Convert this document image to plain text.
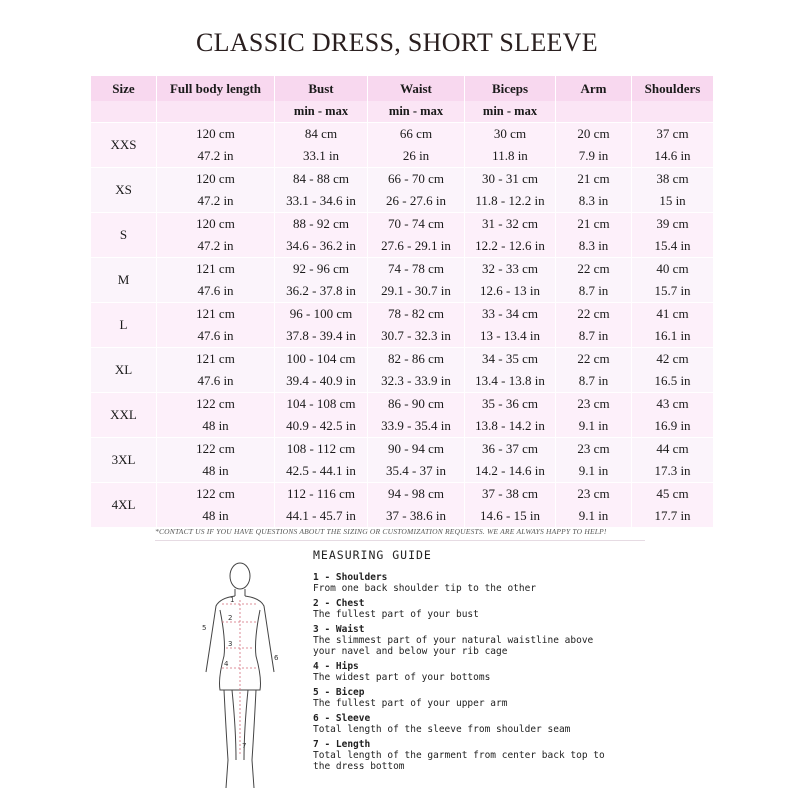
CLASSIC DRESS, SHORT SLEEVE
Size	Full body length	Bust	Waist	Biceps	Arm	Shoulders
		min - max	min - max	min - max		
XXS	120 cm	84 cm	66 cm	30 cm	20 cm	37 cm
	47.2 in	33.1 in	26 in	11.8 in	7.9 in	14.6 in
XS	120 cm	84 - 88 cm	66 - 70 cm	30 - 31 cm	21 cm	38 cm
	47.2 in	33.1 - 34.6 in	26 - 27.6 in	11.8 - 12.2 in	8.3 in	15 in
S	120 cm	88 - 92 cm	70 - 74 cm	31 - 32 cm	21 cm	39 cm
	47.2 in	34.6 - 36.2 in	27.6 - 29.1 in	12.2 - 12.6 in	8.3 in	15.4 in
M	121 cm	92 - 96 cm	74 - 78 cm	32 - 33 cm	22 cm	40 cm
	47.6 in	36.2 - 37.8 in	29.1 - 30.7 in	12.6 - 13 in	8.7 in	15.7 in
L	121 cm	96 - 100 cm	78 - 82 cm	33 - 34 cm	22 cm	41 cm
	47.6 in	37.8 - 39.4 in	30.7 - 32.3 in	13 - 13.4 in	8.7 in	16.1 in
XL	121 cm	100 - 104 cm	82 - 86 cm	34 - 35 cm	22 cm	42 cm
	47.6 in	39.4 - 40.9 in	32.3 - 33.9 in	13.4 - 13.8 in	8.7 in	16.5 in
XXL	122 cm	104 - 108 cm	86 - 90 cm	35 - 36 cm	23 cm	43 cm
	48 in	40.9 - 42.5 in	33.9 - 35.4 in	13.8 - 14.2 in	9.1 in	16.9 in
3XL	122 cm	108 - 112 cm	90 - 94 cm	36 - 37 cm	23 cm	44 cm
	48 in	42.5 - 44.1 in	35.4 - 37 in	14.2 - 14.6 in	9.1 in	17.3 in
4XL	122 cm	112 - 116 cm	94 - 98 cm	37 - 38 cm	23 cm	45 cm
	48 in	44.1 - 45.7 in	37 - 38.6 in	14.6 - 15 in	9.1 in	17.7 in
*CONTACT US IF YOU HAVE QUESTIONS ABOUT THE SIZING OR CUSTOMIZATION REQUESTS. WE ARE ALWAYS HAPPY TO HELP!
1
2
3
4
5
6
7
MEASURING GUIDE
1 - Shoulders
From one back shoulder tip to the other
2 - Chest
The fullest part of your bust
3 - Waist
The slimmest part of your natural waistline above your navel and below your rib cage
4 - Hips
The widest part of your bottoms
5 - Bicep
The fullest part of your upper arm
6 - Sleeve
Total length of the sleeve from shoulder seam
7 - Length
Total length of the garment from center back top to the dress bottom
